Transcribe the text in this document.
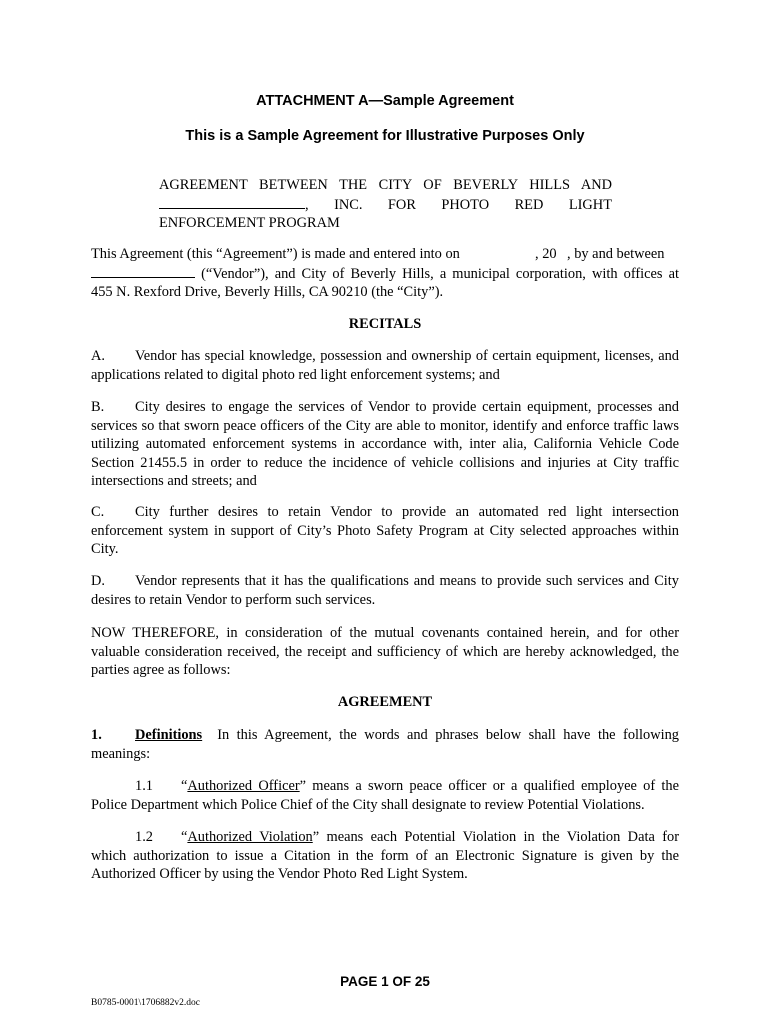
ATTACHMENT A—Sample Agreement
This is a Sample Agreement for Illustrative Purposes Only
AGREEMENT BETWEEN THE CITY OF BEVERLY HILLS AND
, INC. FOR PHOTO RED LIGHT
ENFORCEMENT PROGRAM
This Agreement (this “Agreement”) is made and entered into on	, 20 , by and between
(“Vendor”), and City of Beverly Hills, a municipal corporation, with offices at
455 N. Rexford Drive, Beverly Hills, CA 90210 (the “City”).
RECITALS
A. Vendor has special knowledge, possession and ownership of certain equipment, licenses, and applications related to digital photo red light enforcement systems; and
B. City desires to engage the services of Vendor to provide certain equipment, processes and services so that sworn peace officers of the City are able to monitor, identify and enforce traffic laws utilizing automated enforcement systems in accordance with, inter alia, California Vehicle Code Section 21455.5 in order to reduce the incidence of vehicle collisions and injuries at City traffic intersections and streets; and
C. City further desires to retain Vendor to provide an automated red light intersection enforcement system in support of City’s Photo Safety Program at City selected approaches within City.
D. Vendor represents that it has the qualifications and means to provide such services and City desires to retain Vendor to perform such services.
NOW THEREFORE, in consideration of the mutual covenants contained herein, and for other valuable consideration received, the receipt and sufficiency of which are hereby acknowledged, the parties agree as follows:
AGREEMENT
1. Definitions In this Agreement, the words and phrases below shall have the following meanings:
1.1 “Authorized Officer” means a sworn peace officer or a qualified employee of the Police Department which Police Chief of the City shall designate to review Potential Violations.
1.2 “Authorized Violation” means each Potential Violation in the Violation Data for which authorization to issue a Citation in the form of an Electronic Signature is given by the Authorized Officer by using the Vendor Photo Red Light System.
PAGE 1 OF 25
B0785-0001\1706882v2.doc
